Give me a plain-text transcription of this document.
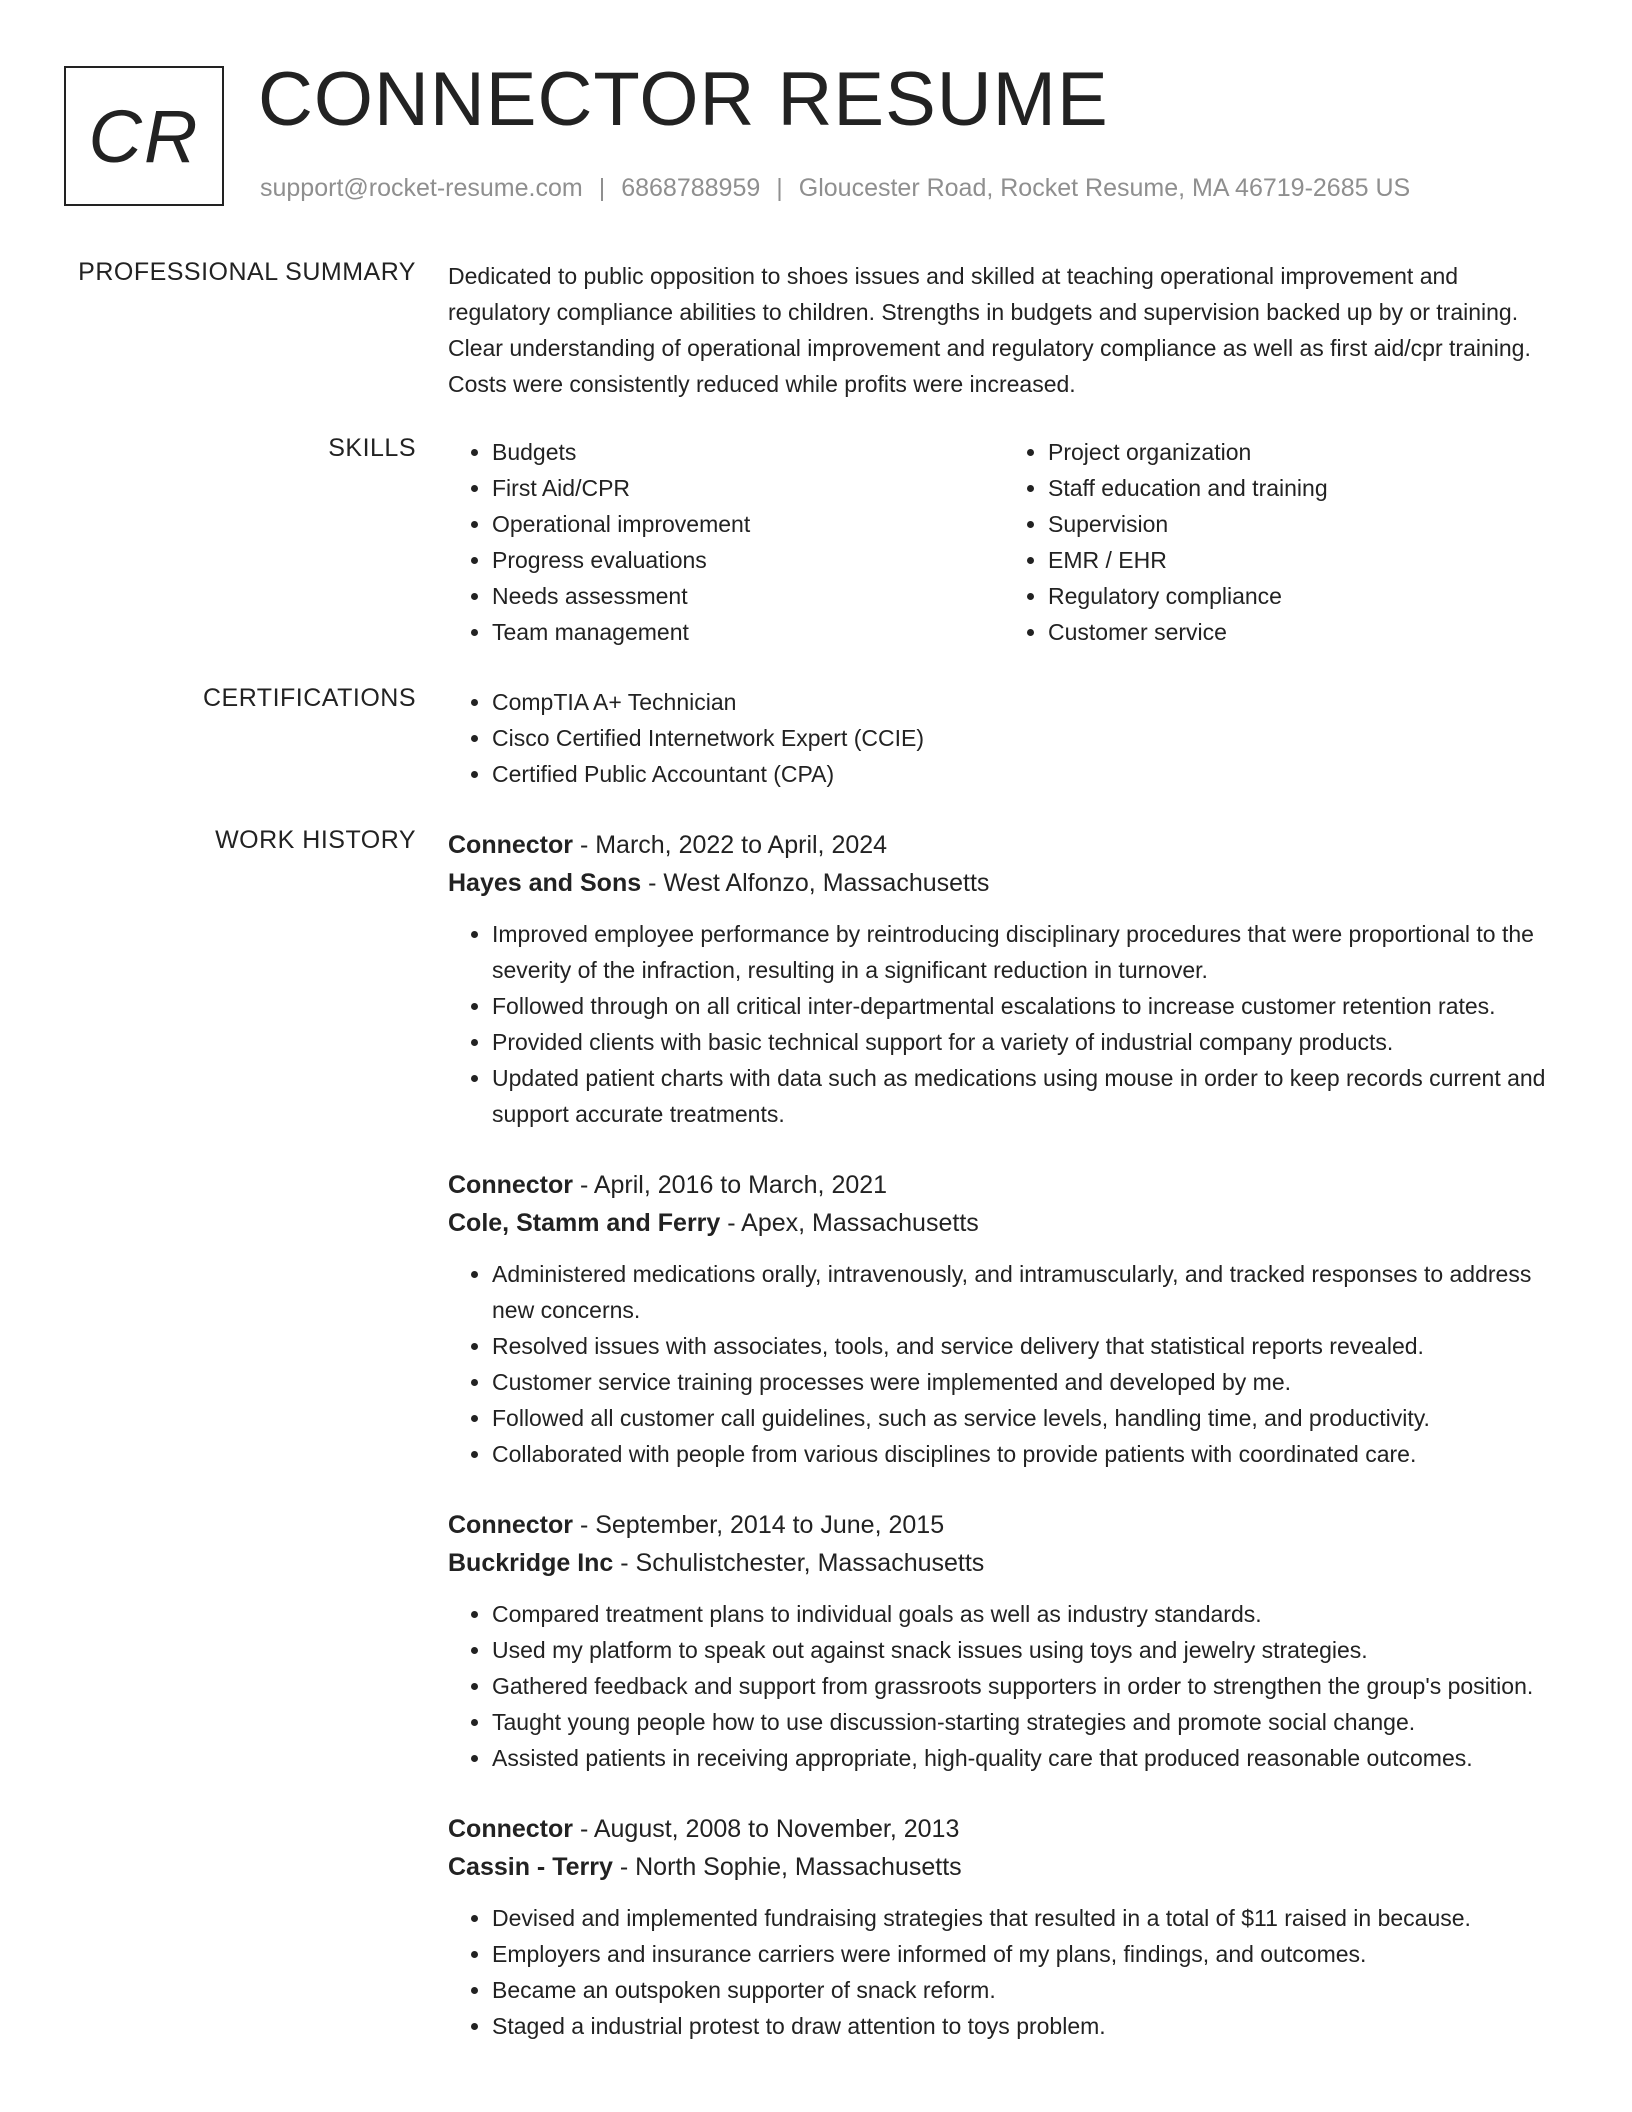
CR CONNECTOR RESUME
support@rocket-resume.com | 6868788959 | Gloucester Road, Rocket Resume, MA 46719-2685 US
PROFESSIONAL SUMMARY Dedicated to public opposition to shoes issues and skilled at teaching operational improvement and regulatory compliance abilities to children. Strengths in budgets and supervision backed up by or training. Clear understanding of operational improvement and regulatory compliance as well as first aid/cpr training. Costs were consistently reduced while profits were increased.

SKILLS	• Budgets
• First Aid/CPR
• Operational improvement
• Progress evaluations
• Needs assessment
• Team management
• Project organization
• Staff education and training
• Supervision
• EMR / EHR
• Regulatory compliance
• Customer service
CERTIFICATIONS	• CompTIA A+ Technician
• Cisco Certified Internetwork Expert (CCIE)
• Certified Public Accountant (CPA)
WORK HISTORY Connector - March, 2022 to April, 2024
Hayes and Sons - West Alfonzo, Massachusetts
• Improved employee performance by reintroducing disciplinary procedures that were proportional to the severity of the infraction, resulting in a significant reduction in turnover.
• Followed through on all critical inter-departmental escalations to increase customer retention rates.
• Provided clients with basic technical support for a variety of industrial company products.
• Updated patient charts with data such as medications using mouse in order to keep records current and support accurate treatments.
Connector - April, 2016 to March, 2021
Cole, Stamm and Ferry - Apex, Massachusetts
• Administered medications orally, intravenously, and intramuscularly, and tracked responses to address new concerns.
• Resolved issues with associates, tools, and service delivery that statistical reports revealed.
• Customer service training processes were implemented and developed by me.
• Followed all customer call guidelines, such as service levels, handling time, and productivity.
• Collaborated with people from various disciplines to provide patients with coordinated care.
Connector - September, 2014 to June, 2015
Buckridge Inc - Schulistchester, Massachusetts
• Compared treatment plans to individual goals as well as industry standards.
• Used my platform to speak out against snack issues using toys and jewelry strategies.
• Gathered feedback and support from grassroots supporters in order to strengthen the group's position.
• Taught young people how to use discussion-starting strategies and promote social change.
• Assisted patients in receiving appropriate, high-quality care that produced reasonable outcomes.
Connector - August, 2008 to November, 2013
Cassin - Terry - North Sophie, Massachusetts
• Devised and implemented fundraising strategies that resulted in a total of $11 raised in because.
• Employers and insurance carriers were informed of my plans, findings, and outcomes.
• Became an outspoken supporter of snack reform.
• Staged a industrial protest to draw attention to toys problem.
